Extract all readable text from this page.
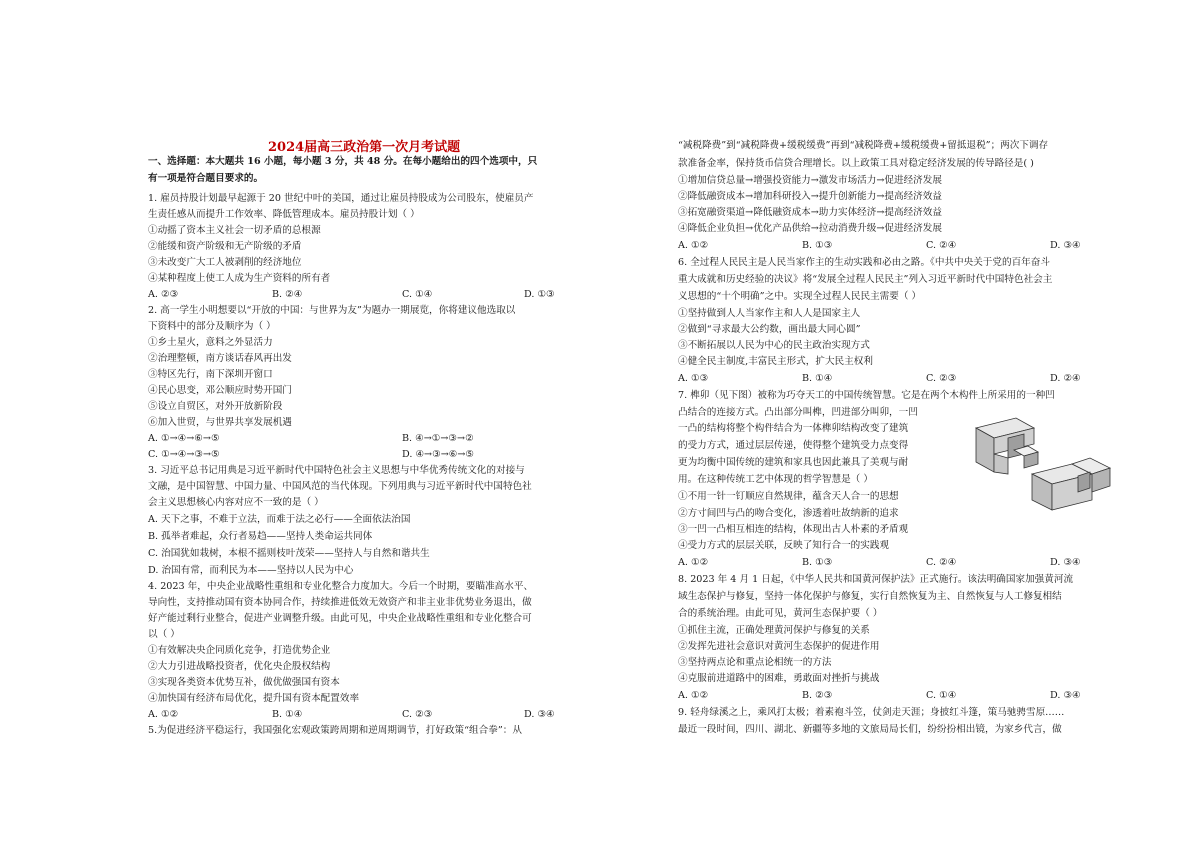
2024届高三政治第一次月考试题
一、选择题：本大题共 16 小题，每小题 3 分，共 48 分。在每小题给出的四个选项中，只
有一项是符合题目要求的。
1. 雇员持股计划最早起源于 20 世纪中叶的美国，通过让雇员持股成为公司股东，使雇员产
生责任感从而提升工作效率、降低管理成本。雇员持股计划（ ）
①动摇了资本主义社会一切矛盾的总根源
②能缓和资产阶级和无产阶级的矛盾
③未改变广大工人被剥削的经济地位
④某种程度上使工人成为生产资料的所有者
A. ②③	B. ②④	C. ①④	D. ①③
2. 高一学生小明想要以“开放的中国：与世界为友”为题办一期展览，你将建议他选取以
下资料中的部分及顺序为（ ）
①乡土星火，意料之外显活力
②治理整顿，南方谈话春风再出发
③特区先行，南下深圳开窗口
④民心思变，邓公顺应时势开国门
⑤设立自贸区，对外开放新阶段
⑥加入世贸，与世界共享发展机遇
A. ①→④→⑥→⑤	B. ④→①→③→②
C. ①→④→③→⑤	D. ④→③→⑥→⑤
3. 习近平总书记用典是习近平新时代中国特色社会主义思想与中华优秀传统文化的对接与
文融，是中国智慧、中国力量、中国风范的当代体现。下列用典与习近平新时代中国特色社
会主义思想核心内容对应不一致的是（ ）
A. 天下之事，不难于立法，而难于法之必行——全面依法治国
B. 孤举者难起，众行者易趋——坚持人类命运共同体
C. 治国犹如栽树，本根不摇则枝叶茂荣——坚持人与自然和谐共生
D. 治国有常，而利民为本——坚持以人民为中心
4. 2023 年，中央企业战略性重组和专业化整合力度加大。今后一个时期，要瞄准高水平、
导向性，支持推动国有资本协同合作，持续推进低效无效资产和非主业非优势业务退出，做
好产能过剩行业整合，促进产业调整升级。由此可见，中央企业战略性重组和专业化整合可
以（ ）
①有效解决央企同质化竞争，打造优势企业
②大力引进战略投资者，优化央企股权结构
③实现各类资本优势互补，做优做强国有资本
④加快国有经济布局优化，提升国有资本配置效率
A. ①②	B. ①④	C. ②③	D. ③④
5.为促进经济平稳运行，我国强化宏观政策跨周期和逆周期调节，打好政策“组合拳”：从
“减税降费”到“减税降费+缓税缓费”再到“减税降费+缓税缓费+留抵退税”；两次下调存
款准备金率，保持货币信贷合理增长。以上政策工具对稳定经济发展的传导路径是( )
①增加信贷总量→增强投资能力→激发市场活力→促进经济发展
②降低融资成本→增加科研投入→提升创新能力→提高经济效益
③拓宽融资渠道→降低融资成本→助力实体经济→提高经济效益
④降低企业负担→优化产品供给→拉动消费升级→促进经济发展
A. ①②	B. ①③	C. ②④	D. ③④
6. 全过程人民民主是人民当家作主的生动实践和必由之路。《中共中央关于党的百年奋斗
重大成就和历史经验的决议》将“发展全过程人民民主”列入习近平新时代中国特色社会主
义思想的“十个明确”之中。实现全过程人民民主需要（ ）
①坚持做到人人当家作主和人人是国家主人
②做到“寻求最大公约数，画出最大同心圆”
③不断拓展以人民为中心的民主政治实现方式
④健全民主制度,丰富民主形式，扩大民主权利
A. ①③	B. ①④	C. ②③	D. ②④
7. 榫卯（见下图）被称为巧夺天工的中国传统智慧。它是在两个木构件上所采用的一种凹
凸结合的连接方式。凸出部分叫榫，凹进部分叫卯，一凹
一凸的结构将整个构件结合为一体榫卯结构改变了建筑
的受力方式，通过层层传递，使得整个建筑受力点变得
更为均衡中国传统的建筑和家具也因此兼具了美观与耐
用。在这种传统工艺中体现的哲学智慧是（ ）
①不用一针一钉顺应自然规律，蕴含天人合一的思想
②方寸间凹与凸的吻合变化，渗透着吐故纳新的追求
③一凹一凸相互相连的结构，体现出古人朴素的矛盾观
④受力方式的层层关联，反映了知行合一的实践观
A. ①②	B. ①③	C. ②④	D. ③④
8. 2023 年 4 月 1 日起，《中华人民共和国黄河保护法》正式施行。该法明确国家加强黄河流
域生态保护与修复，坚持一体化保护与修复，实行自然恢复为主、自然恢复与人工修复相结
合的系统治理。由此可见，黄河生态保护要（ ）
①抓住主流，正确处理黄河保护与修复的关系
②发挥先进社会意识对黄河生态保护的促进作用
③坚持两点论和重点论相统一的方法
④克服前进道路中的困难，勇敢面对挫折与挑战
A. ①②	B. ②③	C. ①④	D. ③④
9. 轻舟绿溪之上，乘风打太极；着素袍斗笠，仗剑走天涯；身披红斗篷，策马驰骋雪原……
最近一段时间，四川、湖北、新疆等多地的文旅局局长们，纷纷扮相出镜，为家乡代言，做
